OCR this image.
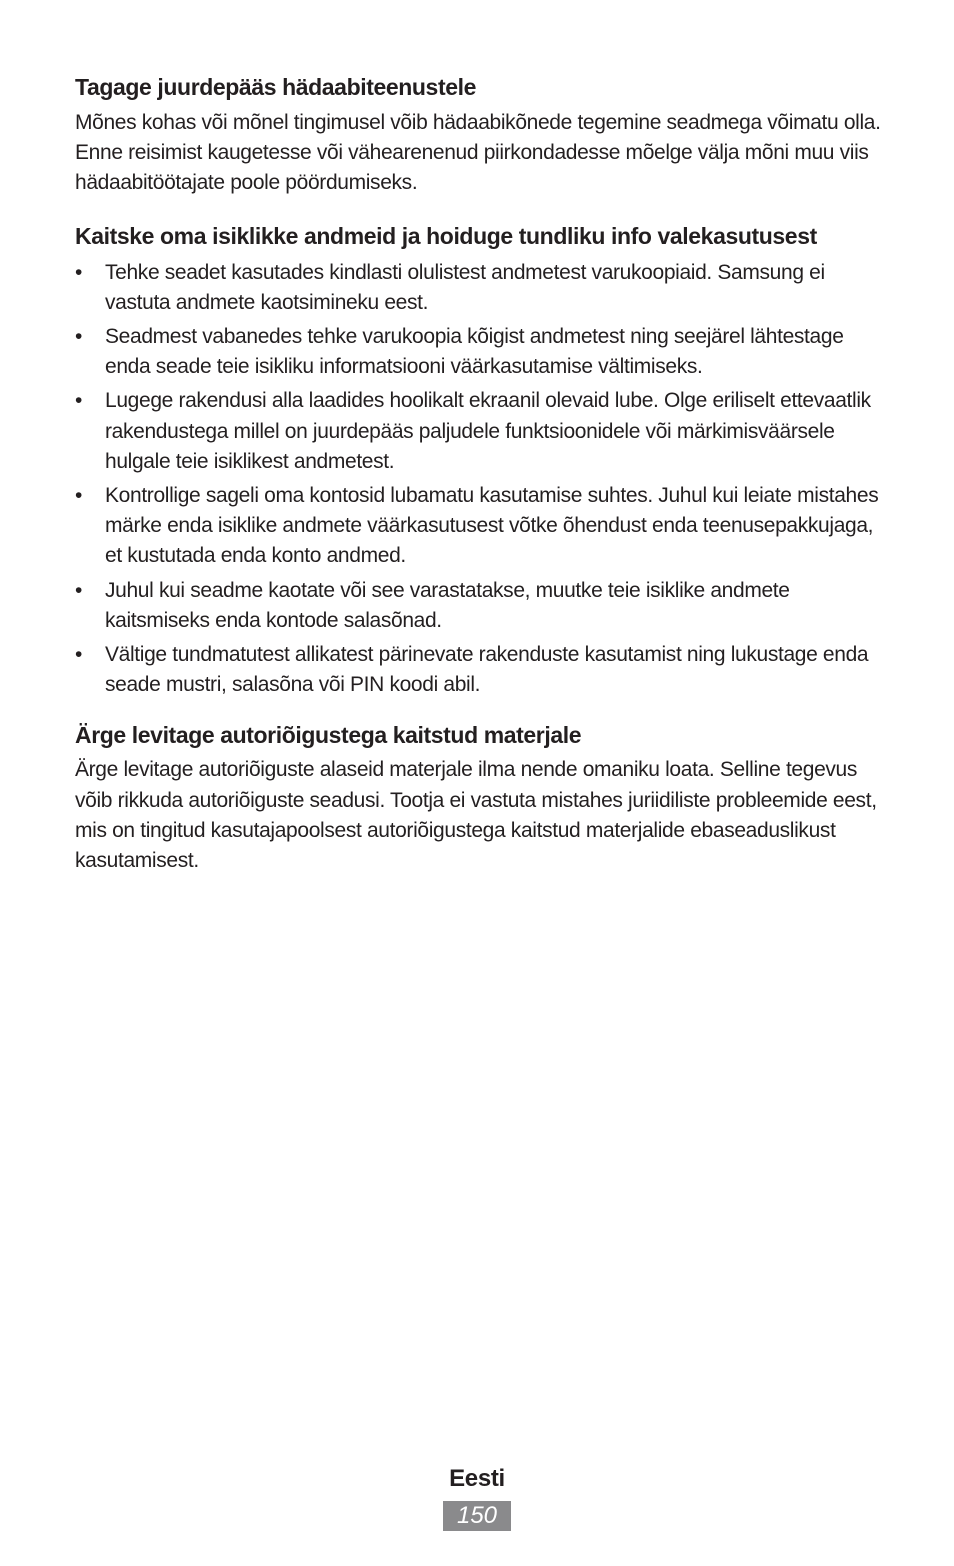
Tagage juurdepääs hädaabiteenustele

Mõnes kohas või mõnel tingimusel võib hädaabikõnede tegemine seadmega võimatu olla. Enne reisimist kaugetesse või vähearenenud piirkondadesse mõelge välja mõni muu viis hädaabitöötajate poole pöördumiseks.

Kaitske oma isiklikke andmeid ja hoiduge tundliku info valekasutusest
•	Tehke seadet kasutades kindlasti olulistest andmetest varukoopiaid. Samsung ei vastuta andmete kaotsimineku eest.
•	Seadmest vabanedes tehke varukoopia kõigist andmetest ning seejärel lähtestage enda seade teie isikliku informatsiooni väärkasutamise vältimiseks.
•	Lugege rakendusi alla laadides hoolikalt ekraanil olevaid lube. Olge eriliselt ettevaatlik rakendustega millel on juurdepääs paljudele funktsioonidele või märkimisväärsele hulgale teie isiklikest andmetest.
•	Kontrollige sageli oma kontosid lubamatu kasutamise suhtes. Juhul kui leiate mistahes märke enda isiklike andmete väärkasutusest võtke õhendust enda teenusepakkujaga, et kustutada enda konto andmed.
•	Juhul kui seadme kaotate või see varastatakse, muutke teie isiklike andmete kaitsmiseks enda kontode salasõnad.
•	Vältige tundmatutest allikatest pärinevate rakenduste kasutamist ning lukustage enda seade mustri, salasõna või PIN koodi abil.
Ärge levitage autoriõigustega kaitstud materjale

Ärge levitage autoriõiguste alaseid materjale ilma nende omaniku loata. Selline tegevus võib rikkuda autoriõiguste seadusi. Tootja ei vastuta mistahes juriidiliste probleemide eest, mis on tingitud kasutajapoolsest autoriõigustega kaitstud materjalide ebaseaduslikust kasutamisest.

Eesti
150
